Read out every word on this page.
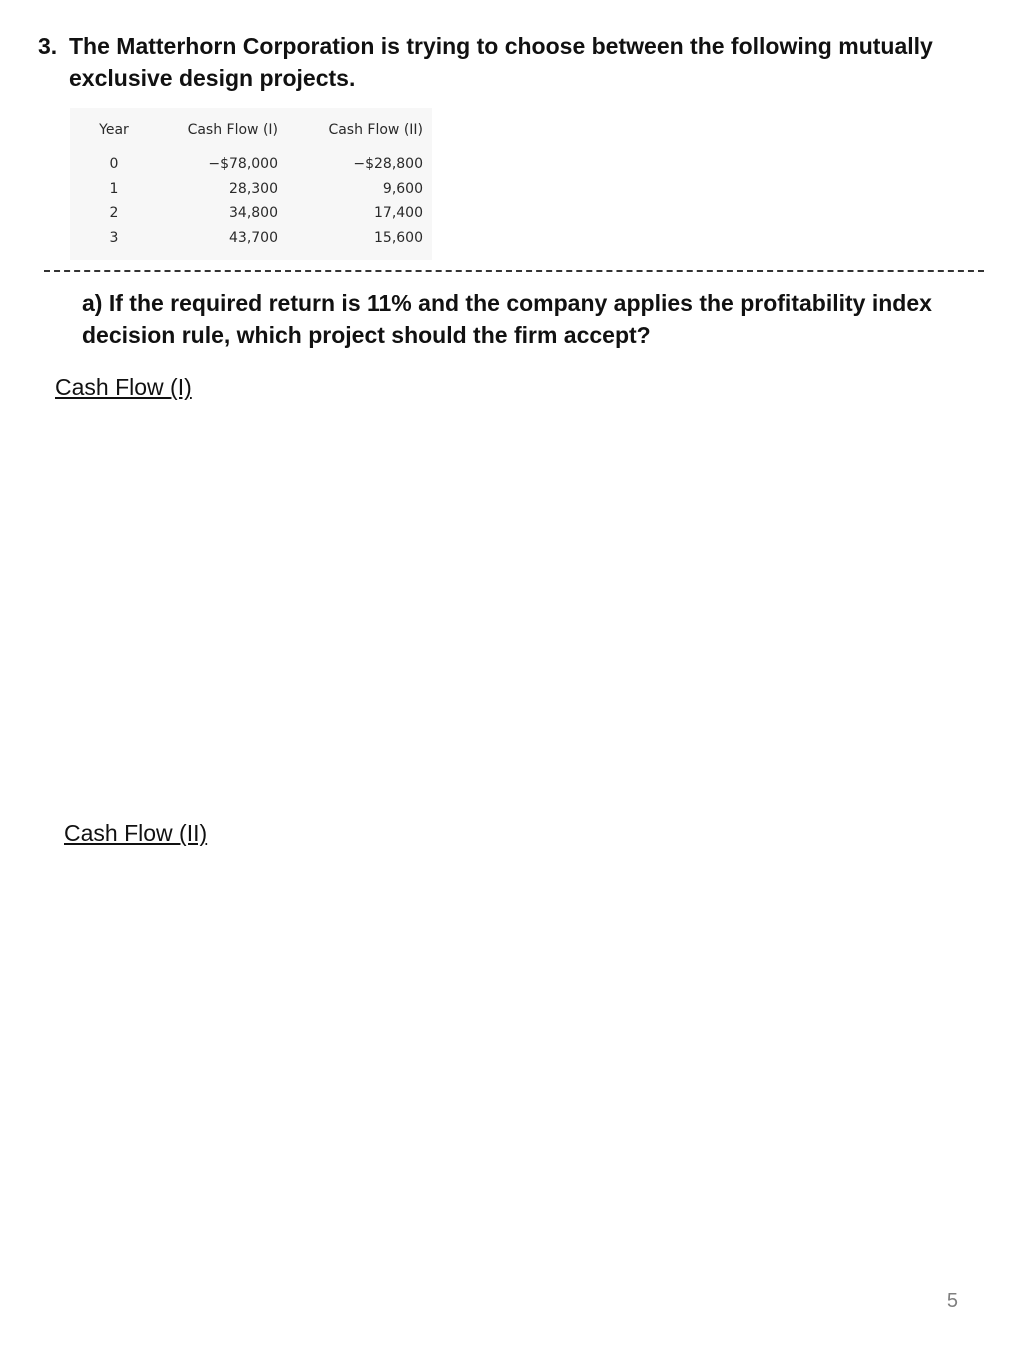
3. The Matterhorn Corporation is trying to choose between the following mutually exclusive design projects.
Year	Cash Flow (I)	Cash Flow (II)
0	−$78,000	−$28,800
1	28,300	9,600
2	34,800	17,400
3	43,700	15,600

a) If the required return is 11% and the company applies the profitability index decision rule, which project should the firm accept?

Cash Flow (I)

Cash Flow (II)

5
